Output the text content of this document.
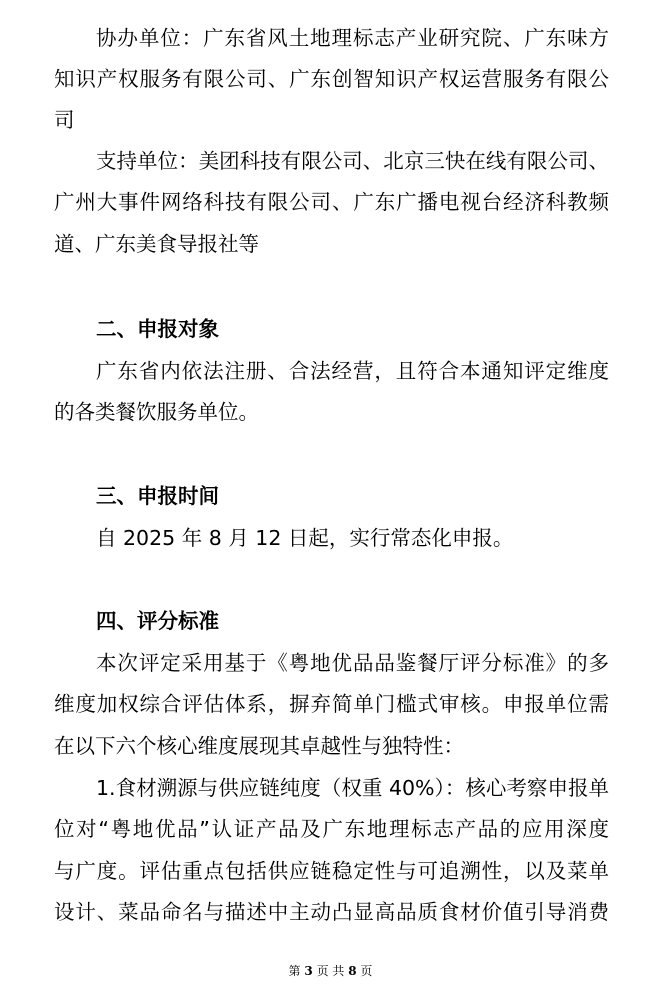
协办单位：广东省风土地理标志产业研究院、广东味方
知识产权服务有限公司、广东创智知识产权运营服务有限公
司
支持单位：美团科技有限公司、北京三快在线有限公司、
广州大事件网络科技有限公司、广东广播电视台经济科教频
道、广东美食导报社等
二、申报对象
广东省内依法注册、合法经营，且符合本通知评定维度
的各类餐饮服务单位。
三、申报时间
自 2025 年 8 月 12 日起，实行常态化申报。
四、评分标准
本次评定采用基于《粤地优品品鉴餐厅评分标准》的多
维度加权综合评估体系，摒弃简单门槛式审核。申报单位需
在以下六个核心维度展现其卓越性与独特性：
1.食材溯源与供应链纯度（权重 40%）：核心考察申报单
位对“粤地优品”认证产品及广东地理标志产品的应用深度
与广度。评估重点包括供应链稳定性与可追溯性，以及菜单
设计、菜品命名与描述中主动凸显高品质食材价值引导消费
第 3 页 共 8 页
